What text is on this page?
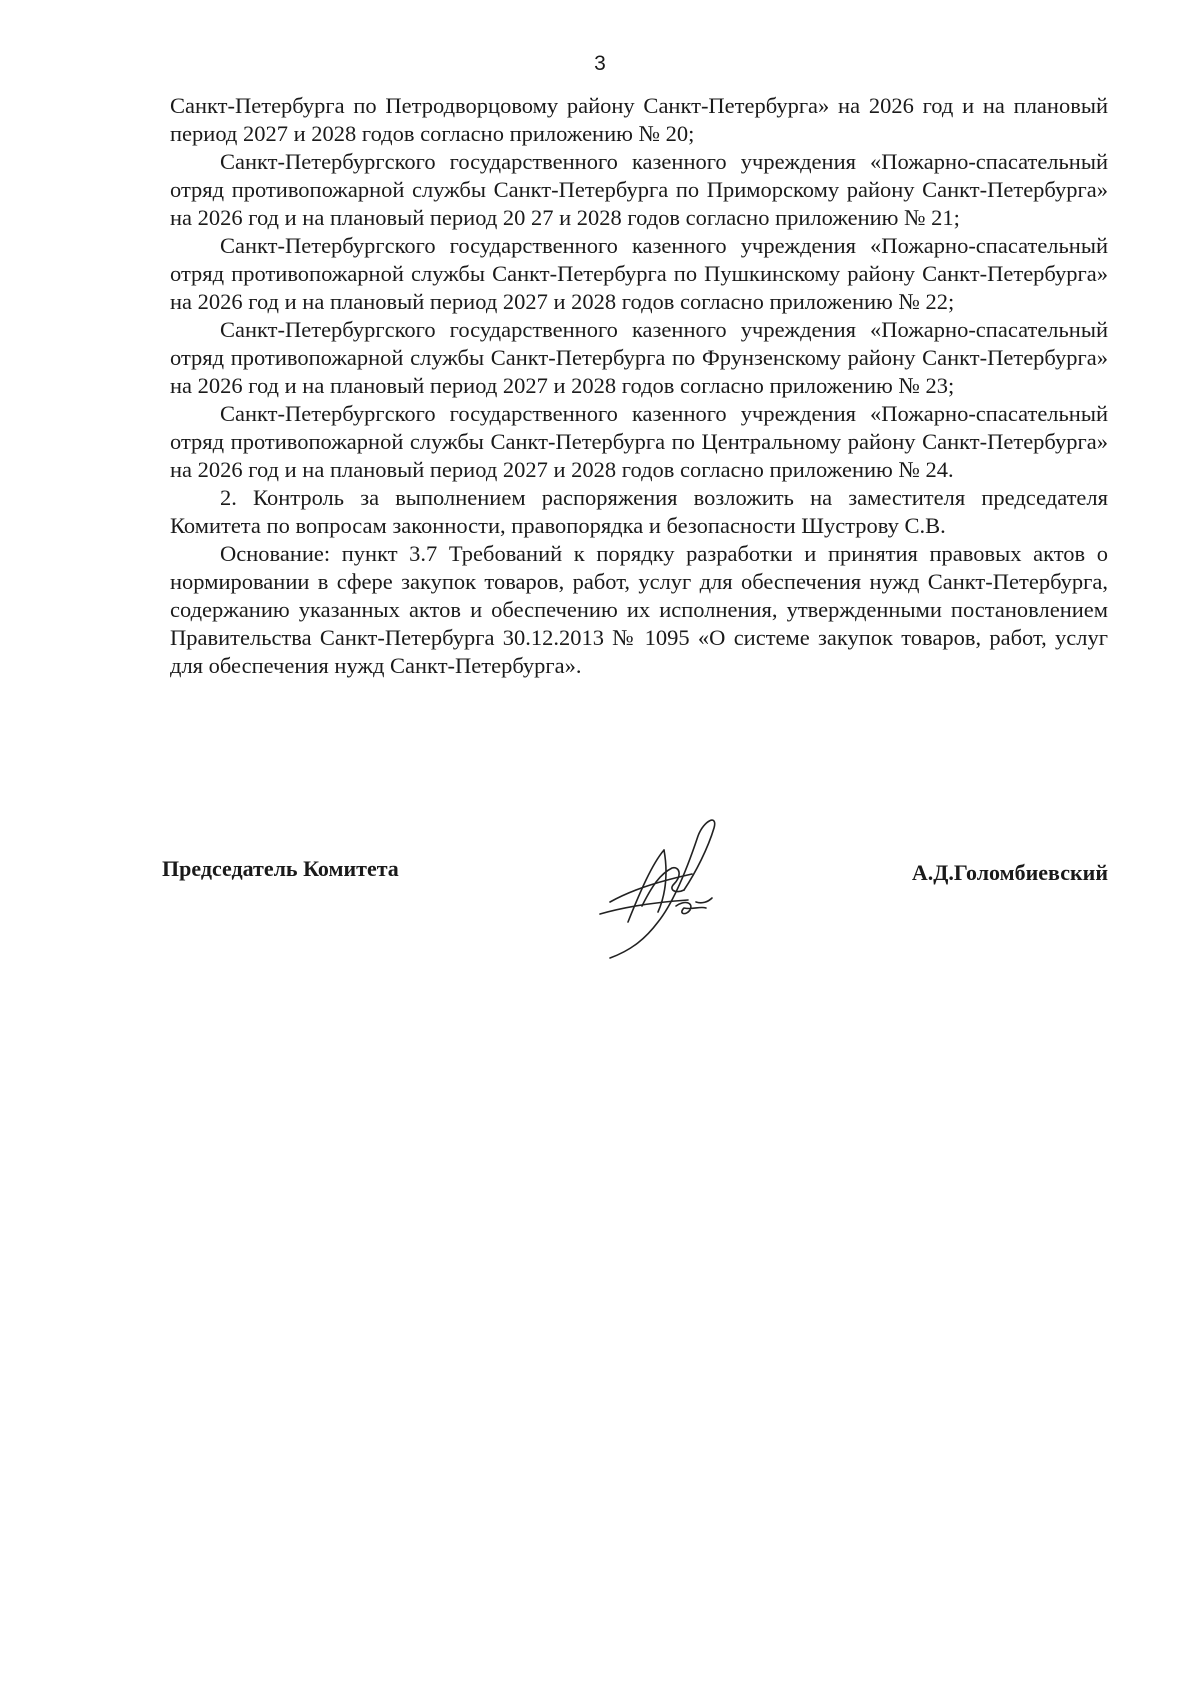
3

Санкт-Петербурга по Петродворцовому району Санкт-Петербурга» на 2026 год и на плановый период 2027 и 2028 годов согласно приложению № 20;

Санкт-Петербургского государственного казенного учреждения «Пожарно-спасательный отряд противопожарной службы Санкт-Петербурга по Приморскому району Санкт-Петербурга» на 2026 год и на плановый период 20 27 и 2028 годов согласно приложению № 21;

Санкт-Петербургского государственного казенного учреждения «Пожарно-спасательный отряд противопожарной службы Санкт-Петербурга по Пушкинскому району Санкт-Петербурга» на 2026 год и на плановый период 2027 и 2028 годов согласно приложению № 22;

Санкт-Петербургского государственного казенного учреждения «Пожарно-спасательный отряд противопожарной службы Санкт-Петербурга по Фрунзенскому району Санкт-Петербурга» на 2026 год и на плановый период 2027 и 2028 годов согласно приложению № 23;

Санкт-Петербургского государственного казенного учреждения «Пожарно-спасательный отряд противопожарной службы Санкт-Петербурга по Центральному району Санкт-Петербурга» на 2026 год и на плановый период 2027 и 2028 годов согласно приложению № 24.

2. Контроль за выполнением распоряжения возложить на заместителя председателя Комитета по вопросам законности, правопорядка и безопасности Шустрову С.В.

Основание: пункт 3.7 Требований к порядку разработки и принятия правовых актов о нормировании в сфере закупок товаров, работ, услуг для обеспечения нужд Санкт-Петербурга, содержанию указанных актов и обеспечению их исполнения, утвержденными постановлением Правительства Санкт-Петербурга 30.12.2013 № 1095 «О системе закупок товаров, работ, услуг для обеспечения нужд Санкт-Петербурга».

Председатель Комитета	А.Д.Голомбиевский
